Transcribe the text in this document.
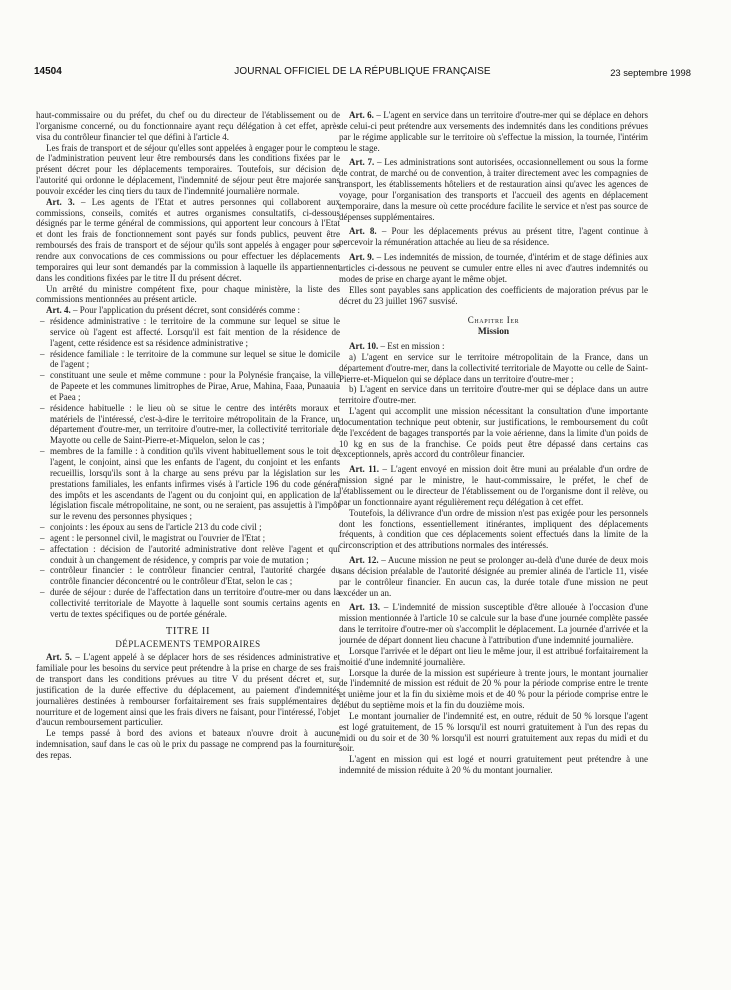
14504	JOURNAL OFFICIEL DE LA RÉPUBLIQUE FRANÇAISE	23 septembre 1998

haut-commissaire ou du préfet, du chef ou du directeur de l'établissement ou de l'organisme concerné, ou du fonctionnaire ayant reçu délégation à cet effet, après visa du contrôleur financier tel que défini à l'article 4.

Les frais de transport et de séjour qu'elles sont appelées à engager pour le compte de l'administration peuvent leur être remboursés dans les conditions fixées par le présent décret pour les déplacements temporaires. Toutefois, sur décision de l'autorité qui ordonne le déplacement, l'indemnité de séjour peut être majorée sans pouvoir excéder les cinq tiers du taux de l'indemnité journalière normale.

Art. 3. – Les agents de l'Etat et autres personnes qui collaborent aux commissions, conseils, comités et autres organismes consultatifs, ci-dessous désignés par le terme général de commissions, qui apportent leur concours à l'Etat et dont les frais de fonctionnement sont payés sur fonds publics, peuvent être remboursés des frais de transport et de séjour qu'ils sont appelés à engager pour se rendre aux convocations de ces commissions ou pour effectuer les déplacements temporaires qui leur sont demandés par la commission à laquelle ils appartiennent dans les conditions fixées par le titre II du présent décret.

Un arrêté du ministre compétent fixe, pour chaque ministère, la liste des commissions mentionnées au présent article.

Art. 4. – Pour l'application du présent décret, sont considérés comme :

– résidence administrative : le territoire de la commune sur lequel se situe le service où l'agent est affecté. Lorsqu'il est fait mention de la résidence de l'agent, cette résidence est sa résidence administrative ;
– résidence familiale : le territoire de la commune sur lequel se situe le domicile de l'agent ;
– constituant une seule et même commune : pour la Polynésie française, la ville de Papeete et les communes limitrophes de Pirae, Arue, Mahina, Faaa, Punaauia et Paea ;
– résidence habituelle : le lieu où se situe le centre des intérêts moraux et matériels de l'intéressé, c'est-à-dire le territoire métropolitain de la France, un département d'outre-mer, un territoire d'outre-mer, la collectivité territoriale de Mayotte ou celle de Saint-Pierre-et-Miquelon, selon le cas ;
– membres de la famille : à condition qu'ils vivent habituellement sous le toit de l'agent, le conjoint, ainsi que les enfants de l'agent, du conjoint et les enfants recueillis, lorsqu'ils sont à la charge au sens prévu par la législation sur les prestations familiales, les enfants infirmes visés à l'article 196 du code général des impôts et les ascendants de l'agent ou du conjoint qui, en application de la législation fiscale métropolitaine, ne sont, ou ne seraient, pas assujettis à l'impôt sur le revenu des personnes physiques ;
– conjoints : les époux au sens de l'article 213 du code civil ;
– agent : le personnel civil, le magistrat ou l'ouvrier de l'Etat ;
– affectation : décision de l'autorité administrative dont relève l'agent et qui conduit à un changement de résidence, y compris par voie de mutation ;
– contrôleur financier : le contrôleur financier central, l'autorité chargée du contrôle financier déconcentré ou le contrôleur d'Etat, selon le cas ;
– durée de séjour : durée de l'affectation dans un territoire d'outre-mer ou dans la collectivité territoriale de Mayotte à laquelle sont soumis certains agents en vertu de textes spécifiques ou de portée générale.
TITRE II
DÉPLACEMENTS TEMPORAIRES

Art. 5. – L'agent appelé à se déplacer hors de ses résidences administrative et familiale pour les besoins du service peut prétendre à la prise en charge de ses frais de transport dans les conditions prévues au titre V du présent décret et, sur justification de la durée effective du déplacement, au paiement d'indemnités journalières destinées à rembourser forfaitairement ses frais supplémentaires de nourriture et de logement ainsi que les frais divers ne faisant, pour l'intéressé, l'objet d'aucun remboursement particulier.

Le temps passé à bord des avions et bateaux n'ouvre droit à aucune indemnisation, sauf dans le cas où le prix du passage ne comprend pas la fourniture des repas.

Art. 6. – L'agent en service dans un territoire d'outre-mer qui se déplace en dehors de celui-ci peut prétendre aux versements des indemnités dans les conditions prévues par le régime applicable sur le territoire où s'effectue la mission, la tournée, l'intérim ou le stage.

Art. 7. – Les administrations sont autorisées, occasionnellement ou sous la forme de contrat, de marché ou de convention, à traiter directement avec les compagnies de transport, les établissements hôteliers et de restauration ainsi qu'avec les agences de voyage, pour l'organisation des transports et l'accueil des agents en déplacement temporaire, dans la mesure où cette procédure facilite le service et n'est pas source de dépenses supplémentaires.

Art. 8. – Pour les déplacements prévus au présent titre, l'agent continue à percevoir la rémunération attachée au lieu de sa résidence.

Art. 9. – Les indemnités de mission, de tournée, d'intérim et de stage définies aux articles ci-dessous ne peuvent se cumuler entre elles ni avec d'autres indemnités ou modes de prise en charge ayant le même objet.

Elles sont payables sans application des coefficients de majoration prévus par le décret du 23 juillet 1967 susvisé.

Chapitre Ier
Mission

Art. 10. – Est en mission :

a) L'agent en service sur le territoire métropolitain de la France, dans un département d'outre-mer, dans la collectivité territoriale de Mayotte ou celle de Saint-Pierre-et-Miquelon qui se déplace dans un territoire d'outre-mer ;

b) L'agent en service dans un territoire d'outre-mer qui se déplace dans un autre territoire d'outre-mer.

L'agent qui accomplit une mission nécessitant la consultation d'une importante documentation technique peut obtenir, sur justifications, le remboursement du coût de l'excédent de bagages transportés par la voie aérienne, dans la limite d'un poids de 10 kg en sus de la franchise. Ce poids peut être dépassé dans certains cas exceptionnels, après accord du contrôleur financier.

Art. 11. – L'agent envoyé en mission doit être muni au préalable d'un ordre de mission signé par le ministre, le haut-commissaire, le préfet, le chef de l'établissement ou le directeur de l'établissement ou de l'organisme dont il relève, ou par un fonctionnaire ayant régulièrement reçu délégation à cet effet.

Toutefois, la délivrance d'un ordre de mission n'est pas exigée pour les personnels dont les fonctions, essentiellement itinérantes, impliquent des déplacements fréquents, à condition que ces déplacements soient effectués dans la limite de la circonscription et des attributions normales des intéressés.

Art. 12. – Aucune mission ne peut se prolonger au-delà d'une durée de deux mois sans décision préalable de l'autorité désignée au premier alinéa de l'article 11, visée par le contrôleur financier. En aucun cas, la durée totale d'une mission ne peut excéder un an.

Art. 13. – L'indemnité de mission susceptible d'être allouée à l'occasion d'une mission mentionnée à l'article 10 se calcule sur la base d'une journée complète passée dans le territoire d'outre-mer où s'accomplit le déplacement. La journée d'arrivée et la journée de départ donnent lieu chacune à l'attribution d'une indemnité journalière.

Lorsque l'arrivée et le départ ont lieu le même jour, il est attribué forfaitairement la moitié d'une indemnité journalière.

Lorsque la durée de la mission est supérieure à trente jours, le montant journalier de l'indemnité de mission est réduit de 20 % pour la période comprise entre le trente et unième jour et la fin du sixième mois et de 40 % pour la période comprise entre le début du septième mois et la fin du douzième mois.

Le montant journalier de l'indemnité est, en outre, réduit de 50 % lorsque l'agent est logé gratuitement, de 15 % lorsqu'il est nourri gratuitement à l'un des repas du midi ou du soir et de 30 % lorsqu'il est nourri gratuitement aux repas du midi et du soir.

L'agent en mission qui est logé et nourri gratuitement peut prétendre à une indemnité de mission réduite à 20 % du montant journalier.
